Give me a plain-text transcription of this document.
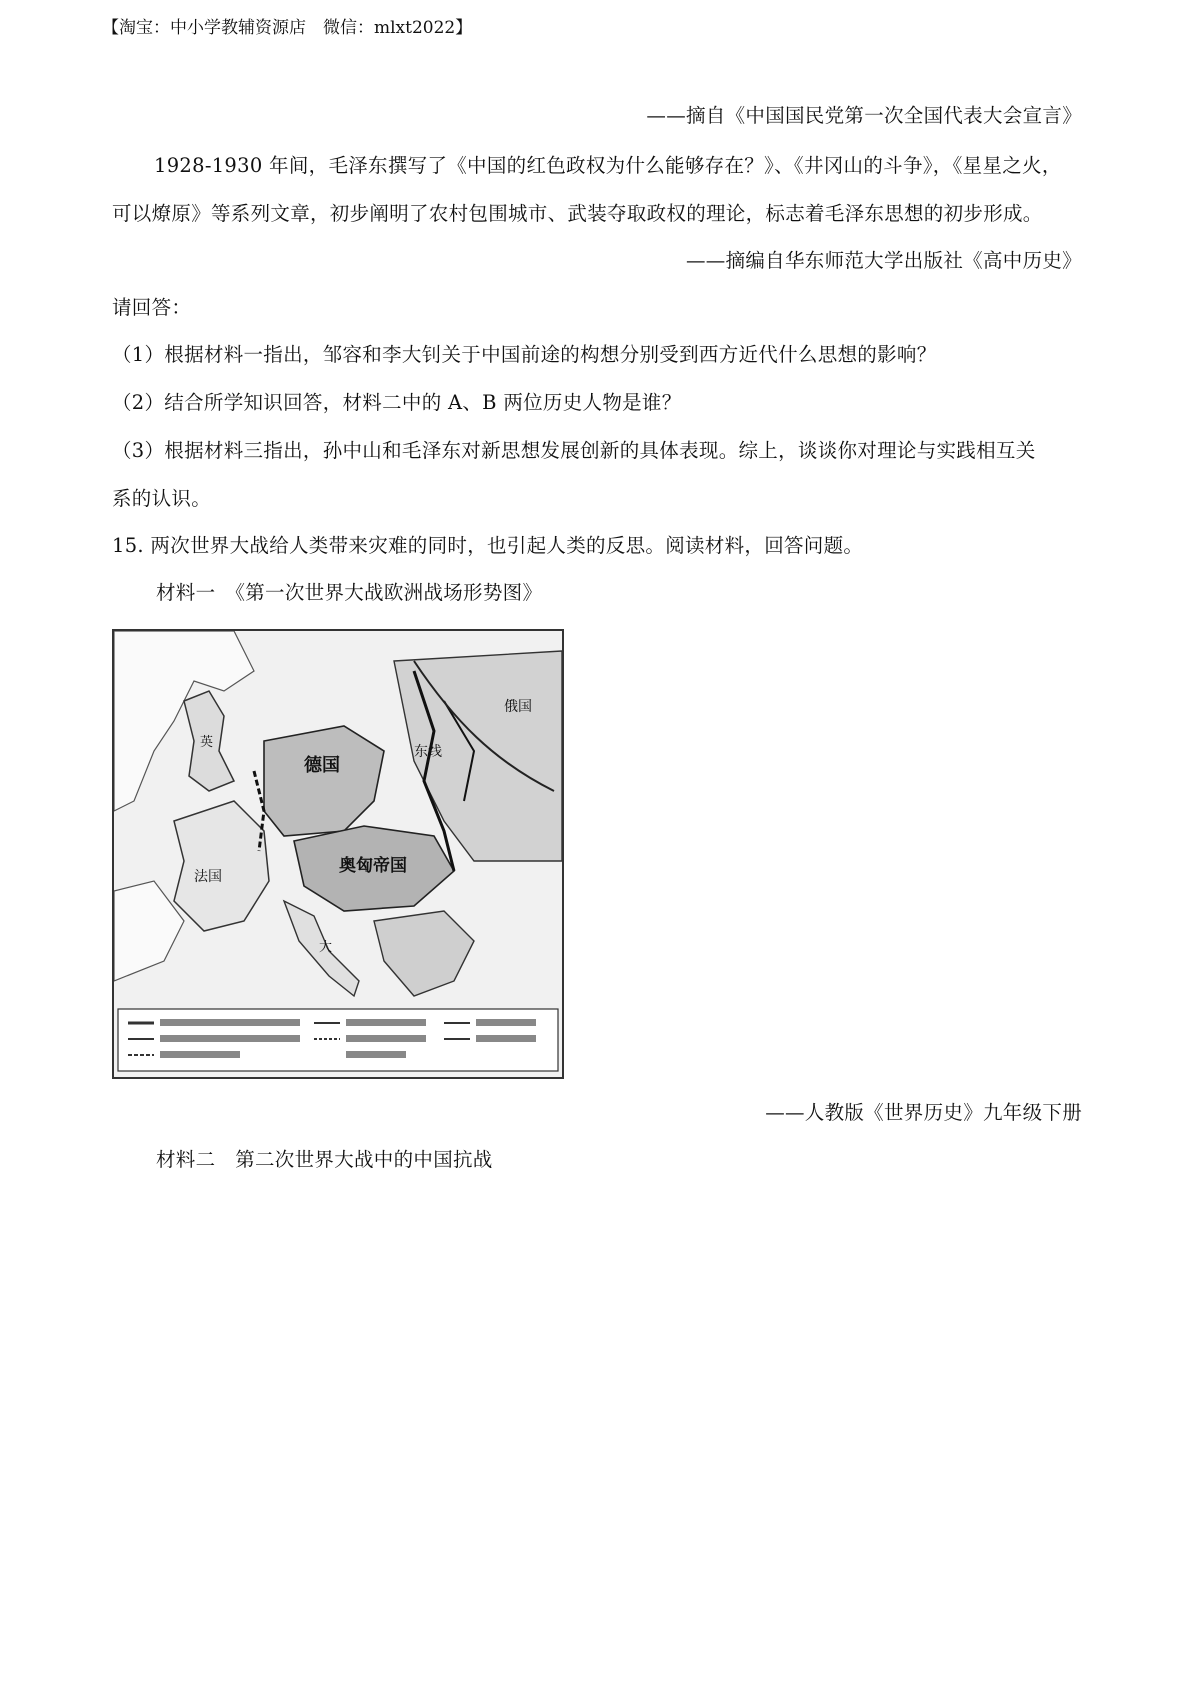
【淘宝：中小学教辅资源店　微信：mlxt2022】
——摘自《中国国民党第一次全国代表大会宣言》
1928-1930 年间，毛泽东撰写了《中国的红色政权为什么能够存在？》、《井冈山的斗争》，《星星之火，
可以燎原》等系列文章，初步阐明了农村包围城市、武装夺取政权的理论，标志着毛泽东思想的初步形成。
——摘编自华东师范大学出版社《高中历史》
请回答：
（1）根据材料一指出，邹容和李大钊关于中国前途的构想分别受到西方近代什么思想的影响？
（2）结合所学知识回答，材料二中的 A、B 两位历史人物是谁？
（3）根据材料三指出，孙中山和毛泽东对新思想发展创新的具体表现。综上，谈谈你对理论与实践相互关
系的认识。
15. 两次世界大战给人类带来灾难的同时，也引起人类的反思。阅读材料，回答问题。
材料一　《第一次世界大战欧洲战场形势图》
德国
奥匈帝国
东线
法国
俄国
英
大
——人教版《世界历史》九年级下册
材料二　第二次世界大战中的中国抗战
